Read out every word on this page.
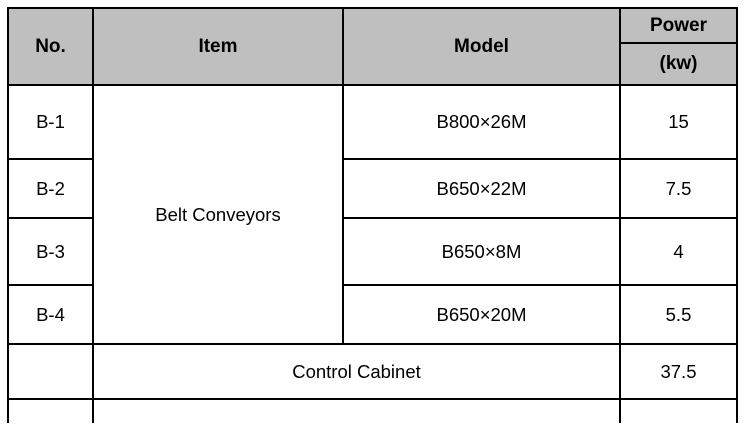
No.	Item	Model	Power
			(kw)
B-1	Belt Conveyors	B800×26M	15
B-2		B650×22M	7.5
B-3		B650×8M	4
B-4		B650×20M	5.5
	Control Cabinet		37.5
